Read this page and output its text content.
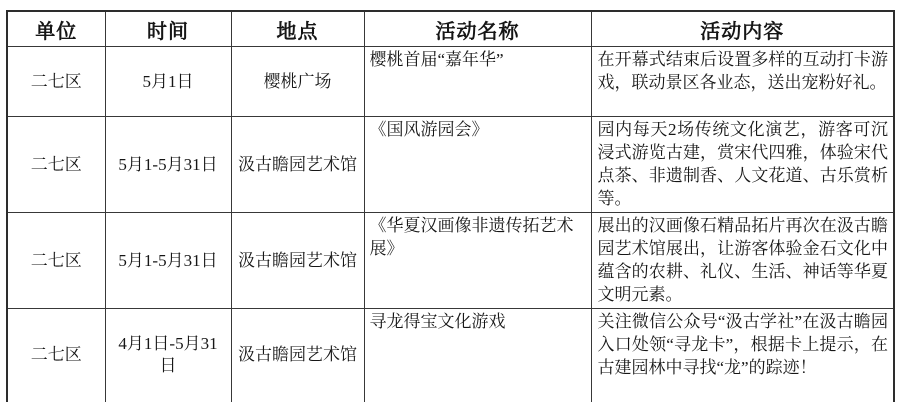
单位	时间	地点	活动名称	活动内容
二七区	5月1日	樱桃广场	樱桃首届“嘉年华”	在开幕式结束后设置多样的互动打卡游戏，联动景区各业态，送出宠粉好礼。
二七区	5月1-5月31日	汲古瞻园艺术馆	《国风游园会》	园内每天2场传统文化演艺，游客可沉浸式游览古建，赏宋代四雅，体验宋代点茶、非遗制香、人文花道、古乐赏析等。
二七区	5月1-5月31日	汲古瞻园艺术馆	《华夏汉画像非遗传拓艺术展》	展出的汉画像石精品拓片再次在汲古瞻园艺术馆展出，让游客体验金石文化中蕴含的农耕、礼仪、生活、神话等华夏文明元素。
二七区	4月1日-5月31日	汲古瞻园艺术馆	寻龙得宝文化游戏	关注微信公众号“汲古学社”在汲古瞻园入口处领“寻龙卡”，根据卡上提示，在古建园林中寻找“龙”的踪迹！
